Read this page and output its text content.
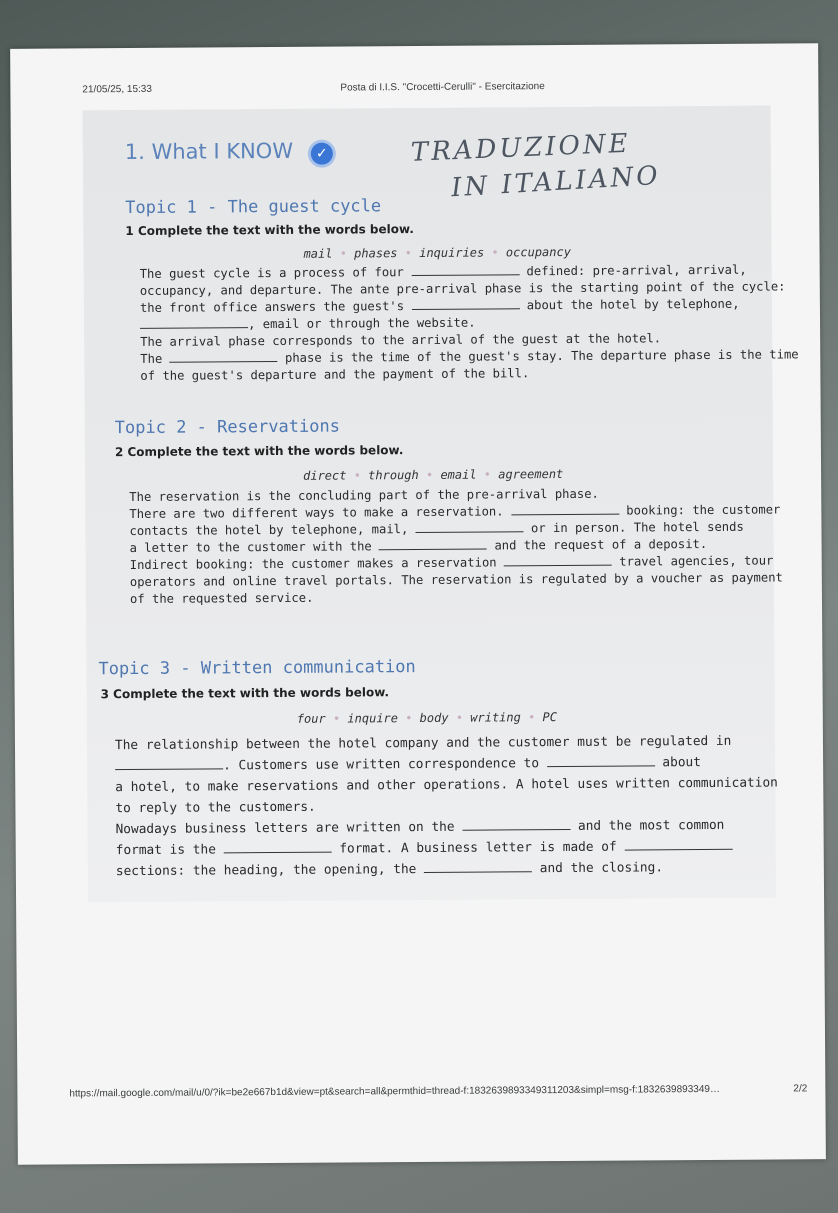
21/05/25, 15:33	Posta di I.I.S. "Crocetti-Cerulli" - Esercitazione
1. What I KNOW	✓	TRADUZIONE
IN ITALIANO
Topic 1 - The guest cycle
1 Complete the text with the words below.
mail • phases • inquiries • occupancy

The guest cycle is a process of four	defined: pre-arrival, arrival,

occupancy, and departure. The ante pre-arrival phase is the starting point of the cycle:

the front office answers the guest's	about the hotel by telephone,

, email or through the website.

The arrival phase corresponds to the arrival of the guest at the hotel.

The	phase is the time of the guest's stay. The departure phase is the time

of the guest's departure and the payment of the bill.

Topic 2 - Reservations
2 Complete the text with the words below.
direct • through • email • agreement

The reservation is the concluding part of the pre-arrival phase.

There are two different ways to make a reservation.	booking: the customer

contacts the hotel by telephone, mail,	or in person. The hotel sends

a letter to the customer with the	and the request of a deposit.

Indirect booking: the customer makes a reservation	travel agencies, tour

operators and online travel portals. The reservation is regulated by a voucher as payment

of the requested service.

Topic 3 - Written communication
3 Complete the text with the words below.
four • inquire • body • writing • PC

The relationship between the hotel company and the customer must be regulated in

. Customers use written correspondence to	about

a hotel, to make reservations and other operations. A hotel uses written communication

to reply to the customers.

Nowadays business letters are written on the	and the most common

format is the	format. A business letter is made of

sections: the heading, the opening, the	and the closing.

https://mail.google.com/mail/u/0/?ik=be2e667b1d&view=pt&search=all&permthid=thread-f:1832639893349311203&simpl=msg-f:1832639893349…	2/2
